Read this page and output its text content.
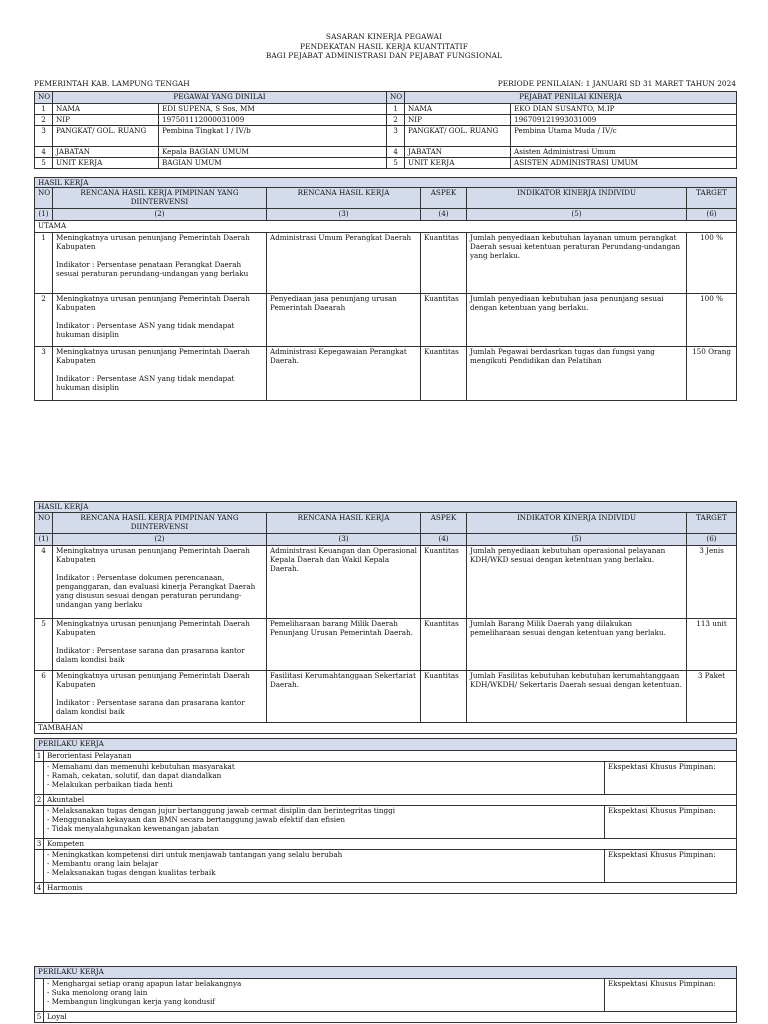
SASARAN KINERJA PEGAWAI
PENDEKATAN HASIL KERJA KUANTITATIF
BAGI PEJABAT ADMINISTRASI DAN PEJABAT FUNGSIONAL
PEMERINTAH KAB. LAMPUNG TENGAH	PERIODE PENILAIAN: 1 JANUARI SD 31 MARET TAHUN 2024
NO	PEGAWAI YANG DINILAI		NO	PEJABAT PENILAI KINERJA	
1	NAMA	EDI SUPENA, S Sos, MM	1	NAMA	EKO DIAN SUSANTO, M.IP
2	NIP	197501112000031009	2	NIP	196709121993031009
3	PANGKAT/ GOL. RUANG	Pembina Tingkat I / IV/b	3	PANGKAT/ GOL. RUANG	Pembina Utama Muda / IV/c
4	JABATAN	Kepala BAGIAN UMUM	4	JABATAN	Asisten Administrasi Umum
5	UNIT KERJA	BAGIAN UMUM	5	UNIT KERJA	ASISTEN ADMINISTRASI UMUM
HASIL KERJA					
NO	RENCANA HASIL KERJA PIMPINAN YANG DIINTERVENSI	RENCANA HASIL KERJA	ASPEK	INDIKATOR KINERJA INDIVIDU	TARGET
(1)	(2)	(3)	(4)	(5)	(6)
UTAMA					
1	Meningkatnya urusan penunjang Pemerintah Daerah Kabupaten
Indikator : Persentase penataan Perangkat Daerah sesuai peraturan perundang-undangan yang berlaku	Administrasi Umum Perangkat Daerah	Kuantitas	Jumlah penyediaan kebutuhan layanan umum perangkat Daerah sesuai ketentuan peraturan Perundang-undangan yang berlaku.	100 %
2	Meningkatnya urusan penunjang Pemerintah Daerah Kabupaten
Indikator : Persentase ASN yang tidak mendapat hukuman disiplin	Penyediaan jasa penunjang urusan Pemerintah Daearah	Kuantitas	Jumlah penyediaan kebutuhan jasa penunjang sesuai dengan ketentuan yang berlaku.	100 %
3	Meningkatnya urusan penunjang Pemerintah Daerah Kabupaten
Indikator : Persentase ASN yang tidak mendapat hukuman disiplin	Administrasi Kepegawaian Perangkat Daerah.	Kuantitas	Jumlah Pegawai berdasrkan tugas dan fungsi yang mengikuti Pendidikan dan Pelatihan	150 Orang
HASIL KERJA					
NO	RENCANA HASIL KERJA PIMPINAN YANG DIINTERVENSI	RENCANA HASIL KERJA	ASPEK	INDIKATOR KINERJA INDIVIDU	TARGET
(1)	(2)	(3)	(4)	(5)	(6)
4	Meningkatnya urusan penunjang Pemerintah Daerah Kabupaten
Indikator : Persentase dokumen perencanaan, penganggaran, dan evaluasi kinerja Perangkat Daerah yang disusun sesuai dengan peraturan perundang-undangan yang berlaku	Administrasi Keuangan dan Operasional Kepala Daerah dan Wakil Kepala Daerah.	Kuantitas	Jumlah penyediaan kebutuhan operasional pelayanan KDH/WKD sesuai dengan ketentuan yang berlaku.	3 Jenis
5	Meningkatnya urusan penunjang Pemerintah Daerah Kabupaten
Indikator : Persentase sarana dan prasarana kantor dalam kondisi baik	Pemeliharaan barang Milik Daerah Penunjang Urusan Pemerintah Daerah.	Kuantitas	Jumlah Barang Milik Daerah yang dilakukan pemeliharaan sesuai dengan ketentuan yang berlaku.	113 unit
6	Meningkatnya urusan penunjang Pemerintah Daerah Kabupaten
Indikator : Persentase sarana dan prasarana kantor dalam kondisi baik	Fasilitasi Kerumahtanggaan Sekertariat Daerah.	Kuantitas	Jumlah Fasilitas kebutuhan kebutuhan kerumahtanggaan KDH/WKDH/ Sekertaris Daerah sesuai dengan ketentuan.	3 Paket
TAMBAHAN					
PERILAKU KERJA		
1	Berorientasi Pelayanan	
	- Memahami dan memenuhi kebutuhan masyarakat
- Ramah, cekatan, solutif, dan dapat diandalkan
- Melakukan perbaikan tiada henti	Ekspektasi Khusus Pimpinan:
2	Akuntabel	
	- Melaksanakan tugas dengan jujur bertanggung jawab cermat disiplin dan berintegritas tinggi
- Menggunakan kekayaan dan BMN secara bertanggung jawab efektif dan efisien
- Tidak menyalahgunakan kewenangan jabatan	Ekspektasi Khusus Pimpinan:
3	Kompeten	
	- Meningkatkan kompetensi diri untuk menjawab tantangan yang selalu berubah
- Membantu orang lain belajar
- Melaksanakan tugas dengan kualitas terbaik	Ekspektasi Khusus Pimpinan:
4	Harmonis	
PERILAKU KERJA		
	- Menghargai setiap orang apapun latar belakangnya
- Suka menolong orang lain
- Membangun lingkungan kerja yang kondusif	Ekspektasi Khusus Pimpinan:
5	Loyal	
